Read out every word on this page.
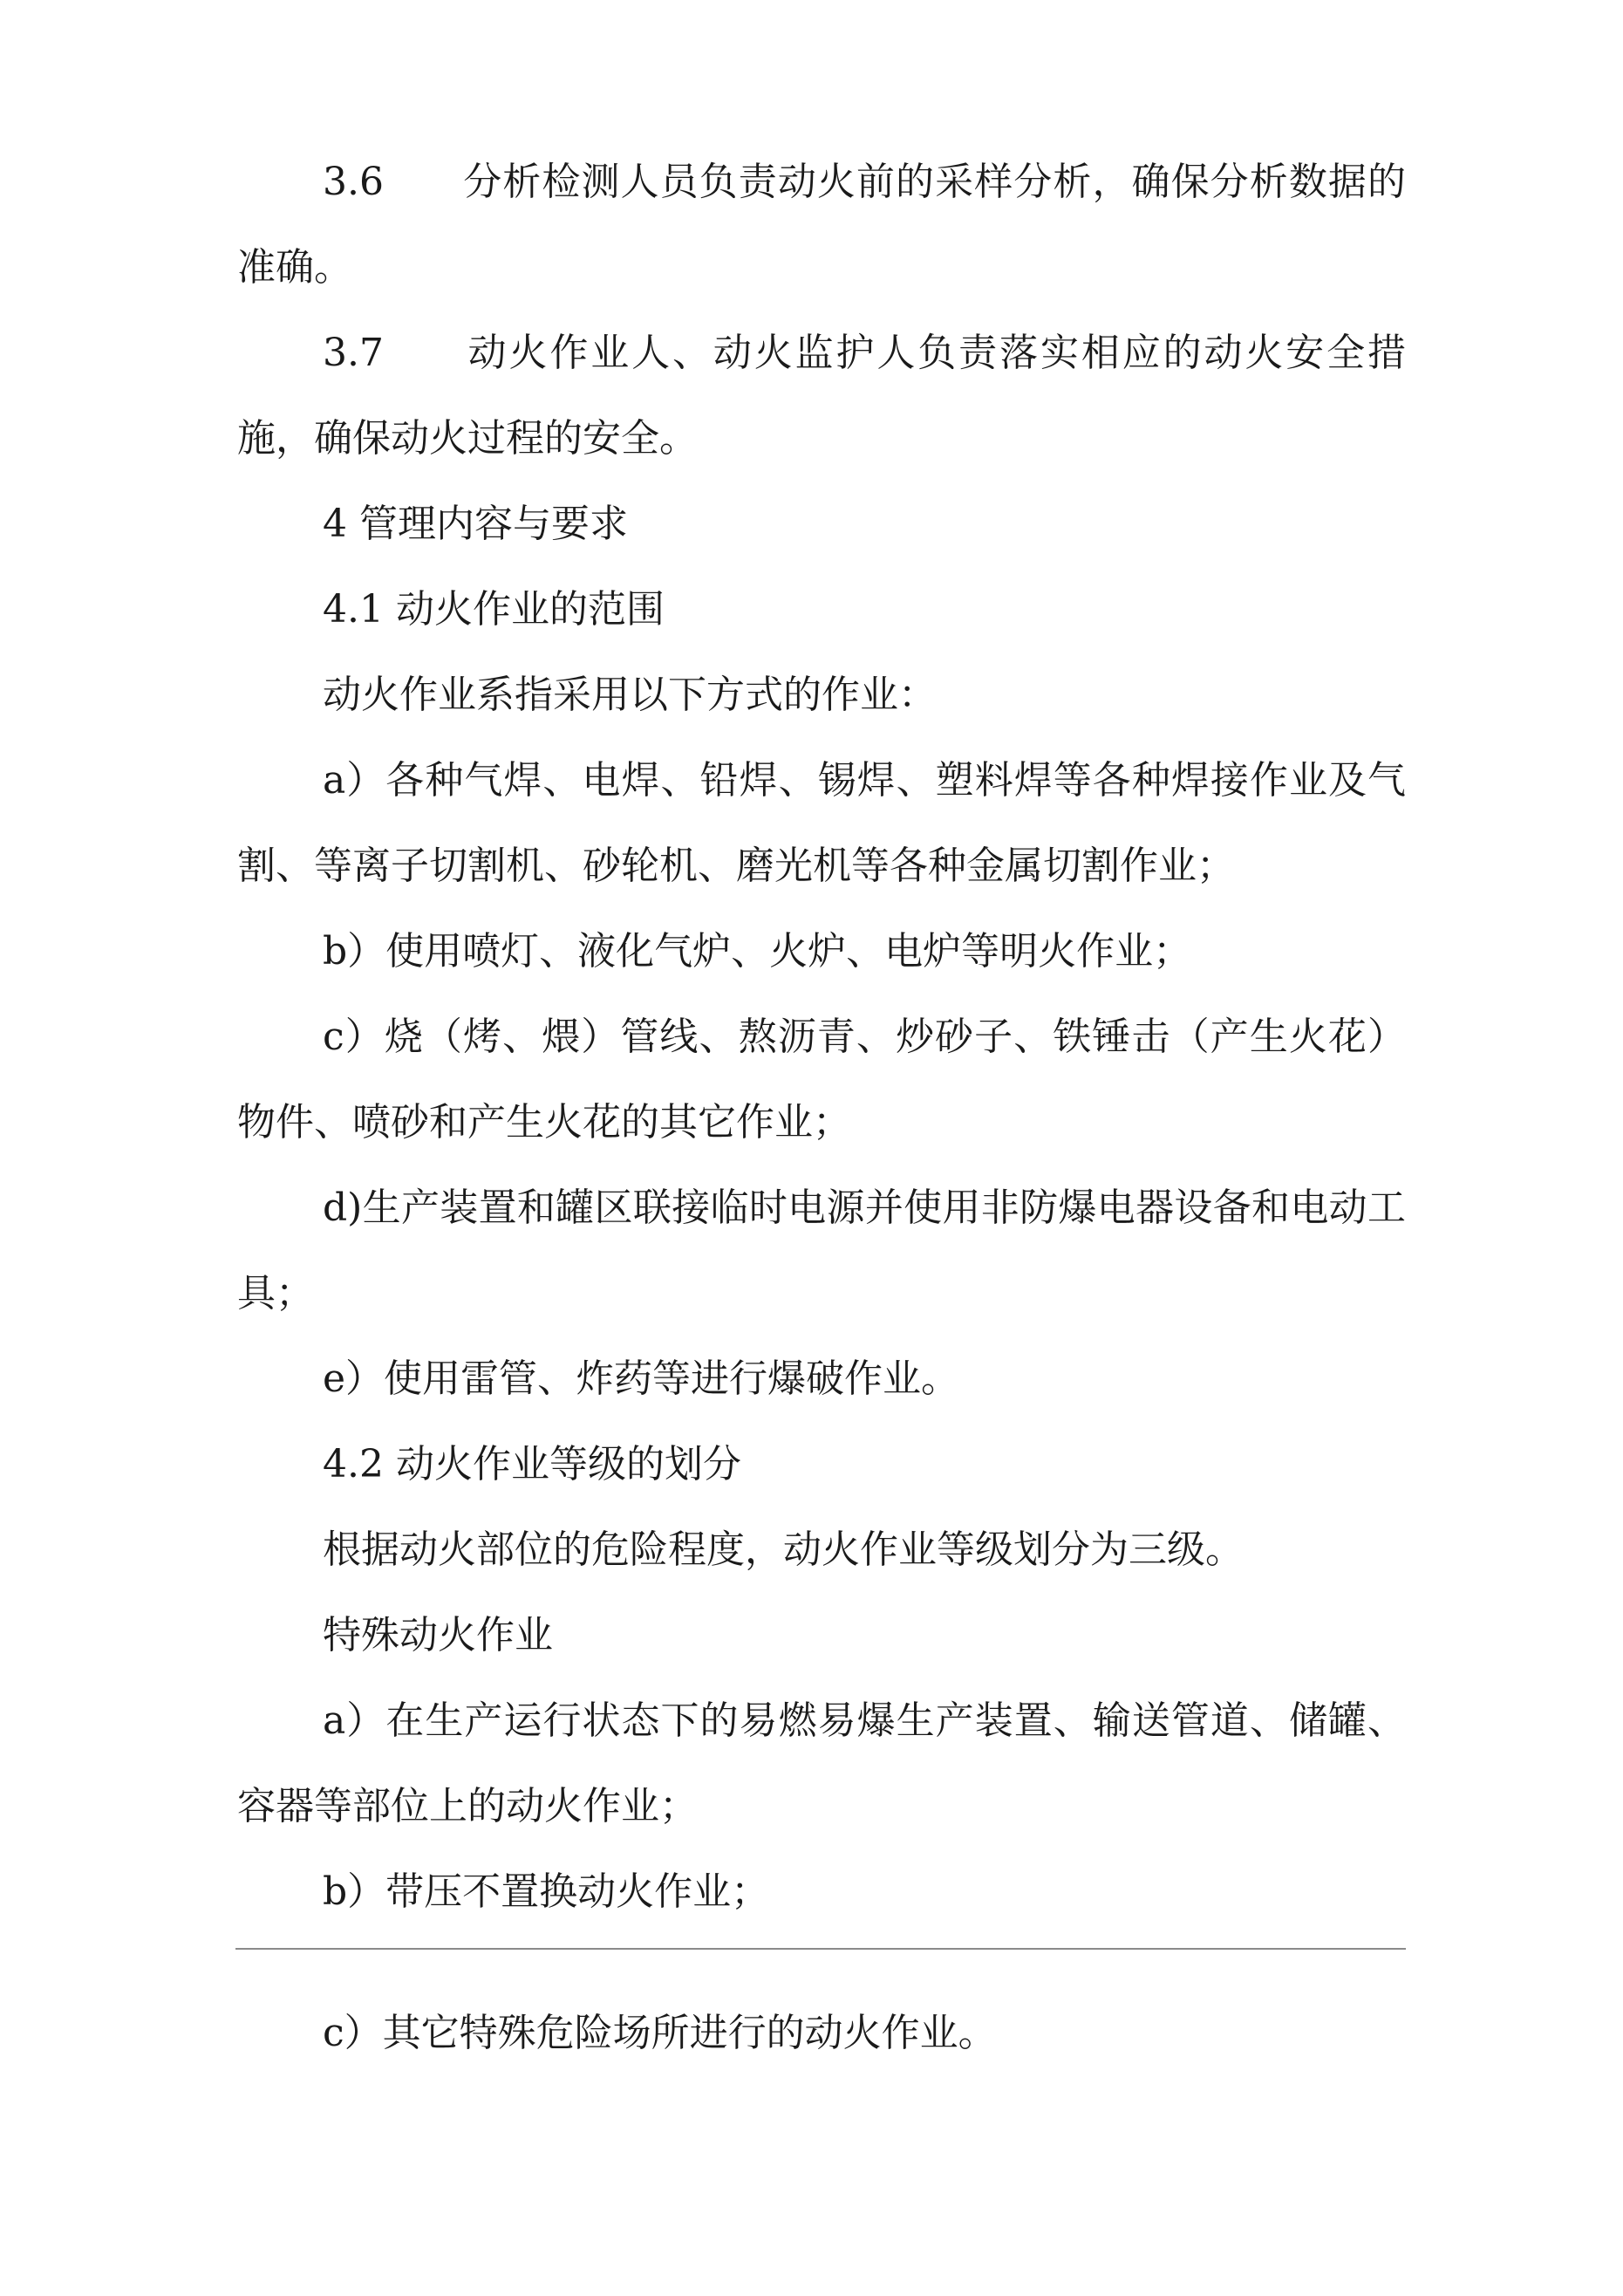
3.6　　分析检测人员负责动火前的采样分析，确保分析数据的准确。

3.7　　动火作业人、动火监护人负责落实相应的动火安全措施，确保动火过程的安全。

4 管理内容与要求

4.1 动火作业的范围

动火作业系指采用以下方式的作业：

a）各种气焊、电焊、铅焊、锡焊、塑料焊等各种焊接作业及气割、等离子切割机、砂轮机、磨光机等各种金属切割作业；

b）使用喷灯、液化气炉、火炉、电炉等明火作业；

c）烧（烤、煨）管线、熬沥青、炒砂子、铁锤击（产生火花）物件、喷砂和产生火花的其它作业；

d)生产装置和罐区联接临时电源并使用非防爆电器设备和电动工具；

e）使用雷管、炸药等进行爆破作业。

4.2 动火作业等级的划分

根据动火部位的危险程度，动火作业等级划分为三级。

特殊动火作业

a）在生产运行状态下的易燃易爆生产装置、输送管道、储罐、容器等部位上的动火作业；

b）带压不置换动火作业；

c）其它特殊危险场所进行的动火作业。
